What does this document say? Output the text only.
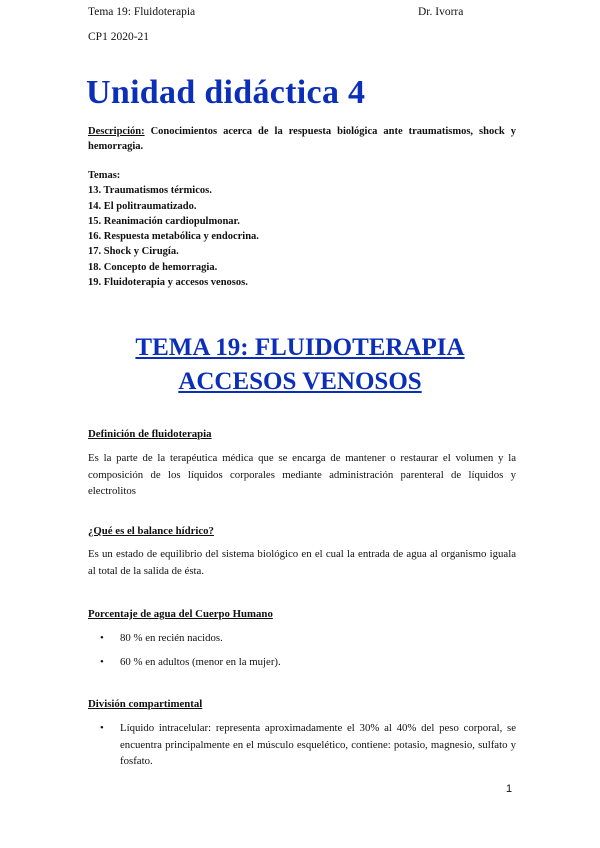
Tema 19: Fluidoterapia	Dr. Ivorra
CP1 2020-21
Unidad didáctica 4
Descripción: Conocimientos acerca de la respuesta biológica ante traumatismos, shock y hemorragia.
Temas:
13. Traumatismos térmicos.
14. El politraumatizado.
15. Reanimación cardiopulmonar.
16. Respuesta metabólica y endocrina.
17. Shock y Cirugía.
18. Concepto de hemorragia.
19. Fluidoterapia y accesos venosos.
TEMA 19: FLUIDOTERAPIA
ACCESOS VENOSOS
Definición de fluidoterapia
Es la parte de la terapéutica médica que se encarga de mantener o restaurar el volumen y la composición de los líquidos corporales mediante administración parenteral de líquidos y electrolitos
¿Qué es el balance hídrico?
Es un estado de equilibrio del sistema biológico en el cual la entrada de agua al organismo iguala al total de la salida de ésta.
Porcentaje de agua del Cuerpo Humano
• 80 % en recién nacidos.
• 60 % en adultos (menor en la mujer).
División compartimental
• Líquido intracelular: representa aproximadamente el 30% al 40% del peso corporal, se encuentra principalmente en el músculo esquelético, contiene: potasio, magnesio, sulfato y fosfato.
1
